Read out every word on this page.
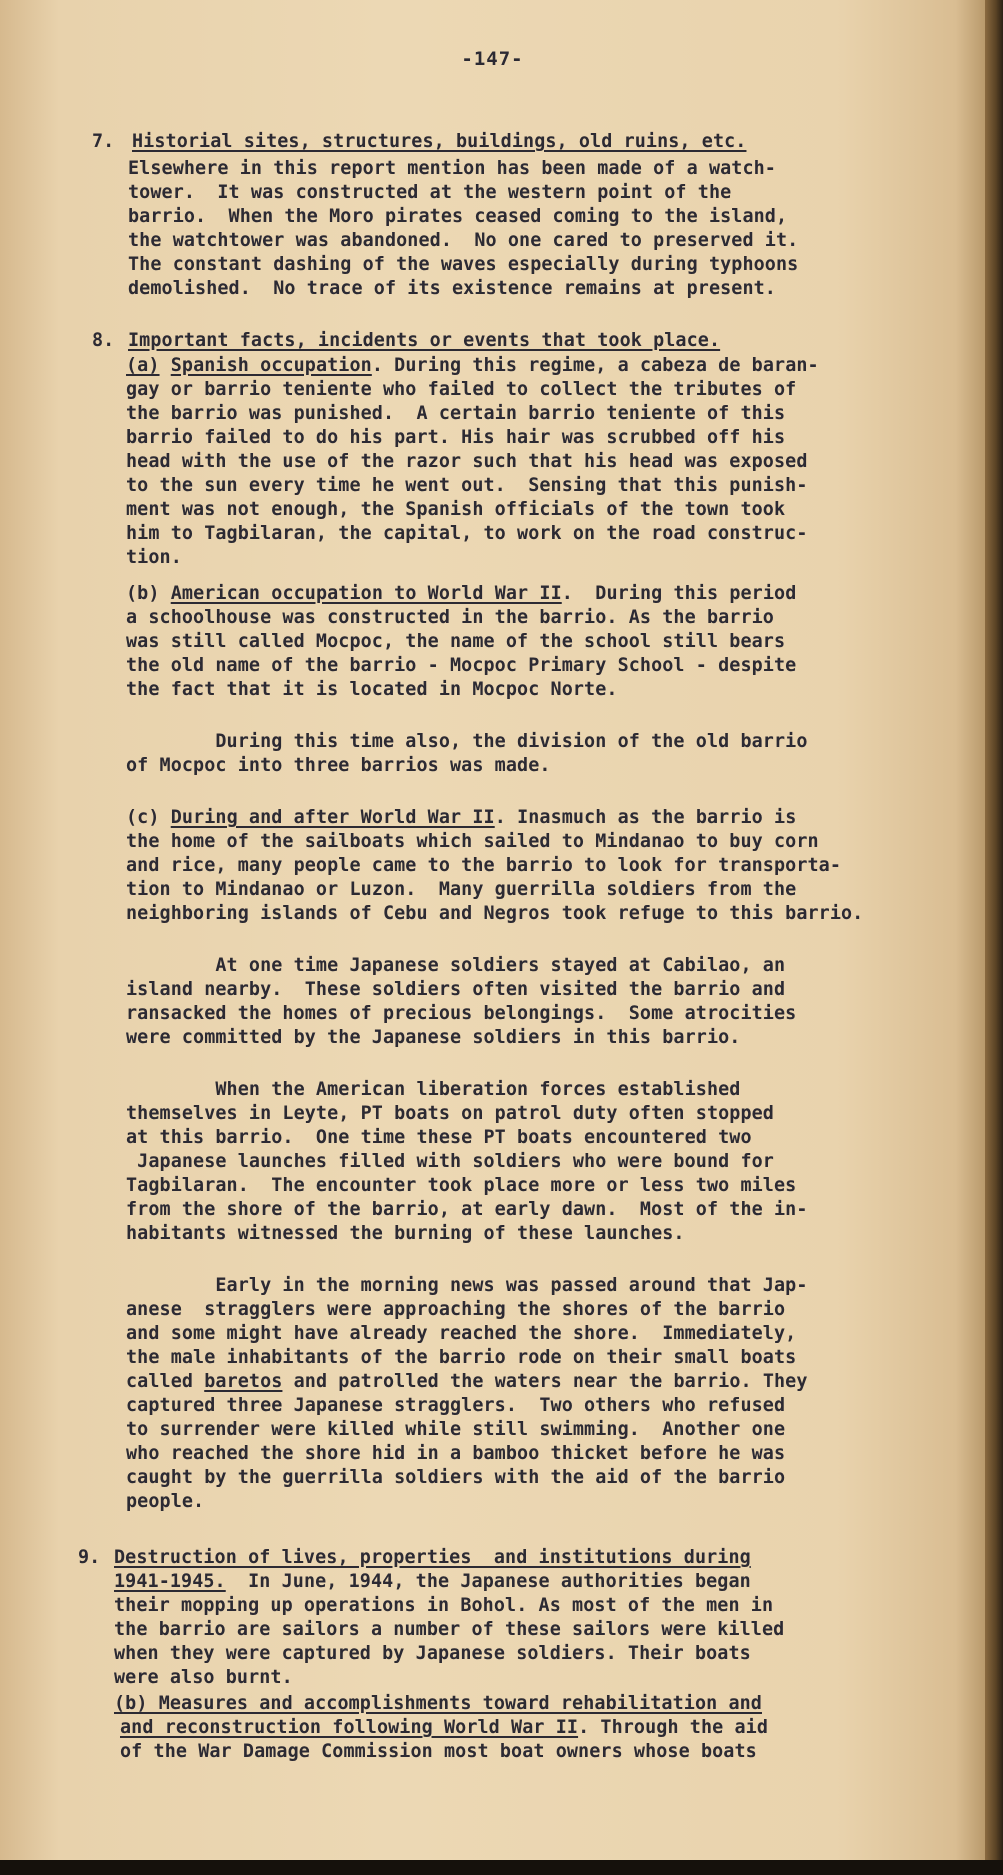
-147-
7. Historial sites, structures, buildings, old ruins, etc.
Elsewhere in this report mention has been made of a watch-
tower.  It was constructed at the western point of the
barrio.  When the Moro pirates ceased coming to the island,
the watchtower was abandoned.  No one cared to preserved it.
The constant dashing of the waves especially during typhoons
demolished.  No trace of its existence remains at present.
8. Important facts, incidents or events that took place.
(a) Spanish occupation. During this regime, a cabeza de baran-
gay or barrio teniente who failed to collect the tributes of
the barrio was punished.  A certain barrio teniente of this
barrio failed to do his part. His hair was scrubbed off his
head with the use of the razor such that his head was exposed
to the sun every time he went out.  Sensing that this punish-
ment was not enough, the Spanish officials of the town took
him to Tagbilaran, the capital, to work on the road construc-
tion.
(b) American occupation to World War II.  During this period
a schoolhouse was constructed in the barrio. As the barrio
was still called Mocpoc, the name of the school still bears
the old name of the barrio - Mocpoc Primary School - despite
the fact that it is located in Mocpoc Norte.
During this time also, the division of the old barrio
of Mocpoc into three barrios was made.
(c) During and after World War II. Inasmuch as the barrio is
the home of the sailboats which sailed to Mindanao to buy corn
and rice, many people came to the barrio to look for transporta-
tion to Mindanao or Luzon.  Many guerrilla soldiers from the
neighboring islands of Cebu and Negros took refuge to this barrio.
At one time Japanese soldiers stayed at Cabilao, an
island nearby.  These soldiers often visited the barrio and
ransacked the homes of precious belongings.  Some atrocities
were committed by the Japanese soldiers in this barrio.
When the American liberation forces established
themselves in Leyte, PT boats on patrol duty often stopped
at this barrio.  One time these PT boats encountered two
Japanese launches filled with soldiers who were bound for
Tagbilaran.  The encounter took place more or less two miles
from the shore of the barrio, at early dawn.  Most of the in-
habitants witnessed the burning of these launches.
Early in the morning news was passed around that Jap-
anese  stragglers were approaching the shores of the barrio
and some might have already reached the shore.  Immediately,
the male inhabitants of the barrio rode on their small boats
called baretos and patrolled the waters near the barrio. They
captured three Japanese stragglers.  Two others who refused
to surrender were killed while still swimming.  Another one
who reached the shore hid in a bamboo thicket before he was
caught by the guerrilla soldiers with the aid of the barrio
people.
9. Destruction of lives, properties  and institutions during
1941-1945.  In June, 1944, the Japanese authorities began
their mopping up operations in Bohol. As most of the men in
the barrio are sailors a number of these sailors were killed
when they were captured by Japanese soldiers. Their boats
were also burnt.
(b) Measures and accomplishments toward rehabilitation and
and reconstruction following World War II. Through the aid
of the War Damage Commission most boat owners whose boats
